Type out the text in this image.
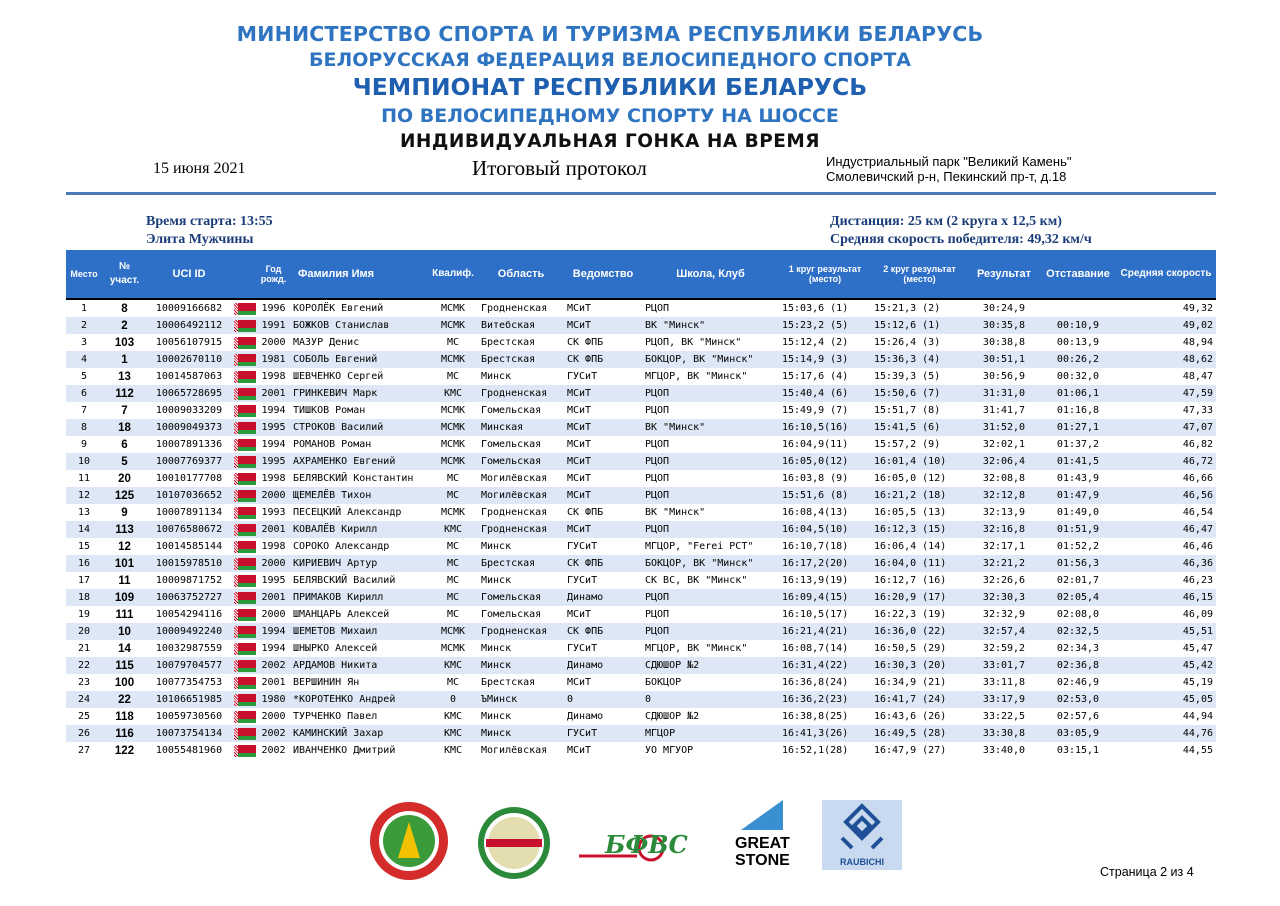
МИНИСТЕРСТВО СПОРТА И ТУРИЗМА РЕСПУБЛИКИ БЕЛАРУСЬ
БЕЛОРУССКАЯ ФЕДЕРАЦИЯ ВЕЛОСИПЕДНОГО СПОРТА
ЧЕМПИОНАТ РЕСПУБЛИКИ БЕЛАРУСЬ
ПО ВЕЛОСИПЕДНОМУ СПОРТУ НА ШОССЕ
ИНДИВИДУАЛЬНАЯ ГОНКА НА ВРЕМЯ
15 июня 2021	Итоговый протокол	Индустриальный парк "Великий Камень"
Смолевичский р-н, Пекинский пр-т, д.18
Время старта: 13:55
Элита Мужчины
Дистанция: 25 км (2 круга х 12,5 км)
Средняя скорость победителя: 49,32 км/ч
Место	№ участ.	UCI ID		Год рожд.	Фамилия Имя	Квалиф.	Область	Ведомство	Школа, Клуб	1 круг результат (место)	2 круг результат (место)	Результат	Отставание	Средняя скорость
1	8	10009166682		1996	КОРОЛЁК Евгений	МСМК	Гродненская	МСиТ	РЦОП	15:03,6 (1)	15:21,3 (2)	30:24,9		49,32
2	2	10006492112		1991	БОЖКОВ Станислав	МСМК	Витебская	МСиТ	ВК "Минск"	15:23,2 (5)	15:12,6 (1)	30:35,8	00:10,9	49,02
3	103	10056107915		2000	МАЗУР Денис	МС	Брестская	СК ФПБ	РЦОП, ВК "Минск"	15:12,4 (2)	15:26,4 (3)	30:38,8	00:13,9	48,94
4	1	10002670110		1981	СОБОЛЬ Евгений	МСМК	Брестская	СК ФПБ	БОКЦОР, ВК "Минск"	15:14,9 (3)	15:36,3 (4)	30:51,1	00:26,2	48,62
5	13	10014587063		1998	ШЕВЧЕНКО Сергей	МС	Минск	ГУСиТ	МГЦОР, ВК "Минск"	15:17,6 (4)	15:39,3 (5)	30:56,9	00:32,0	48,47
6	112	10065728695		2001	ГРИНКЕВИЧ Марк	КМС	Гродненская	МСиТ	РЦОП	15:40,4 (6)	15:50,6 (7)	31:31,0	01:06,1	47,59
7	7	10009033209		1994	ТИШКОВ Роман	МСМК	Гомельская	МСиТ	РЦОП	15:49,9 (7)	15:51,7 (8)	31:41,7	01:16,8	47,33
8	18	10009049373		1995	СТРОКОВ Василий	МСМК	Минская	МСиТ	ВК "Минск"	16:10,5(16)	15:41,5 (6)	31:52,0	01:27,1	47,07
9	6	10007891336		1994	РОМАНОВ Роман	МСМК	Гомельская	МСиТ	РЦОП	16:04,9(11)	15:57,2 (9)	32:02,1	01:37,2	46,82
10	5	10007769377		1995	АХРАМЕНКО Евгений	МСМК	Гомельская	МСиТ	РЦОП	16:05,0(12)	16:01,4 (10)	32:06,4	01:41,5	46,72
11	20	10010177708		1998	БЕЛЯВСКИЙ Константин	МС	Могилёвская	МСиТ	РЦОП	16:03,8 (9)	16:05,0 (12)	32:08,8	01:43,9	46,66
12	125	10107036652		2000	ЩЕМЕЛЁВ Тихон	МС	Могилёвская	МСиТ	РЦОП	15:51,6 (8)	16:21,2 (18)	32:12,8	01:47,9	46,56
13	9	10007891134		1993	ПЕСЕЦКИЙ Александр	МСМК	Гродненская	СК ФПБ	ВК "Минск"	16:08,4(13)	16:05,5 (13)	32:13,9	01:49,0	46,54
14	113	10076580672		2001	КОВАЛЁВ Кирилл	КМС	Гродненская	МСиТ	РЦОП	16:04,5(10)	16:12,3 (15)	32:16,8	01:51,9	46,47
15	12	10014585144		1998	СОРОКО Александр	МС	Минск	ГУСиТ	МГЦОР, "Ferei PCT"	16:10,7(18)	16:06,4 (14)	32:17,1	01:52,2	46,46
16	101	10015978510		2000	КИРИЕВИЧ Артур	МС	Брестская	СК ФПБ	БОКЦОР, ВК "Минск"	16:17,2(20)	16:04,0 (11)	32:21,2	01:56,3	46,36
17	11	10009871752		1995	БЕЛЯВСКИЙ Василий	МС	Минск	ГУСиТ	СК ВС, ВК "Минск"	16:13,9(19)	16:12,7 (16)	32:26,6	02:01,7	46,23
18	109	10063752727		2001	ПРИМАКОВ Кирилл	МС	Гомельская	Динамо	РЦОП	16:09,4(15)	16:20,9 (17)	32:30,3	02:05,4	46,15
19	111	10054294116		2000	ШМАНЦАРЬ Алексей	МС	Гомельская	МСиТ	РЦОП	16:10,5(17)	16:22,3 (19)	32:32,9	02:08,0	46,09
20	10	10009492240		1994	ШЕМЕТОВ Михаил	МСМК	Гродненская	СК ФПБ	РЦОП	16:21,4(21)	16:36,0 (22)	32:57,4	02:32,5	45,51
21	14	10032987559		1994	ШНЫРКО Алексей	МСМК	Минск	ГУСиТ	МГЦОР, ВК "Минск"	16:08,7(14)	16:50,5 (29)	32:59,2	02:34,3	45,47
22	115	10079704577		2002	АРДАМОВ Никита	КМС	Минск	Динамо	СДЮШОР №2	16:31,4(22)	16:30,3 (20)	33:01,7	02:36,8	45,42
23	100	10077354753		2001	ВЕРШИНИН Ян	МС	Брестская	МСиТ	БОКЦОР	16:36,8(24)	16:34,9 (21)	33:11,8	02:46,9	45,19
24	22	10106651985		1980	*КОРОТЕНКО Андрей	0	ЪМинск	0	0	16:36,2(23)	16:41,7 (24)	33:17,9	02:53,0	45,05
25	118	10059730560		2000	ТУРЧЕНКО Павел	КМС	Минск	Динамо	СДЮШОР №2	16:38,8(25)	16:43,6 (26)	33:22,5	02:57,6	44,94
26	116	10073754134		2002	КАМИНСКИЙ Захар	КМС	Минск	ГУСиТ	МГЦОР	16:41,3(26)	16:49,5 (28)	33:30,8	03:05,9	44,76
27	122	10055481960		2002	ИВАНЧЕНКО Дмитрий	КМС	Могилёвская	МСиТ	УО МГУОР	16:52,1(28)	16:47,9 (27)	33:40,0	03:15,1	44,55
БФВС	GREAT
STONE	RAUBICHI
Страница 2 из 4
